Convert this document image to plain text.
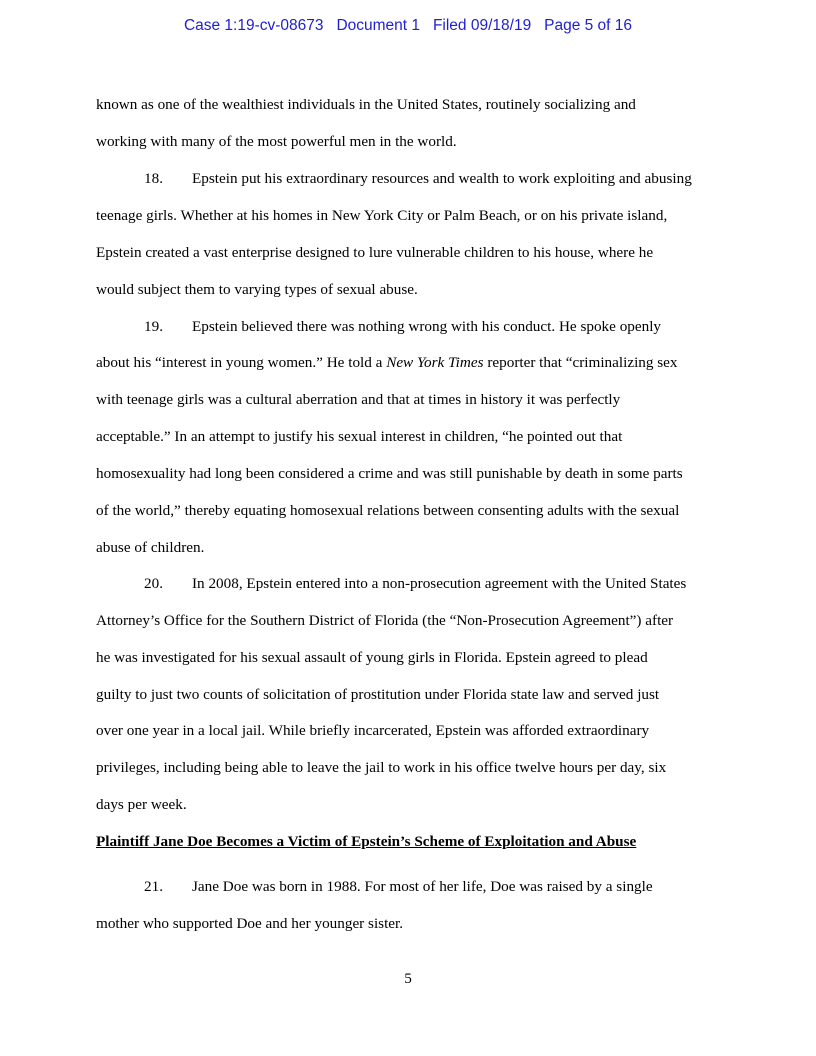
Case 1:19-cv-08673 Document 1 Filed 09/18/19 Page 5 of 16
known as one of the wealthiest individuals in the United States, routinely socializing and
working with many of the most powerful men in the world.
18. Epstein put his extraordinary resources and wealth to work exploiting and abusing
teenage girls. Whether at his homes in New York City or Palm Beach, or on his private island,
Epstein created a vast enterprise designed to lure vulnerable children to his house, where he
would subject them to varying types of sexual abuse.
19. Epstein believed there was nothing wrong with his conduct. He spoke openly
about his “interest in young women.” He told a New York Times reporter that “criminalizing sex
with teenage girls was a cultural aberration and that at times in history it was perfectly
acceptable.” In an attempt to justify his sexual interest in children, “he pointed out that
homosexuality had long been considered a crime and was still punishable by death in some parts
of the world,” thereby equating homosexual relations between consenting adults with the sexual
abuse of children.
20. In 2008, Epstein entered into a non-prosecution agreement with the United States
Attorney’s Office for the Southern District of Florida (the “Non-Prosecution Agreement”) after
he was investigated for his sexual assault of young girls in Florida. Epstein agreed to plead
guilty to just two counts of solicitation of prostitution under Florida state law and served just
over one year in a local jail. While briefly incarcerated, Epstein was afforded extraordinary
privileges, including being able to leave the jail to work in his office twelve hours per day, six
days per week.
Plaintiff Jane Doe Becomes a Victim of Epstein’s Scheme of Exploitation and Abuse
21. Jane Doe was born in 1988. For most of her life, Doe was raised by a single
mother who supported Doe and her younger sister.
5
